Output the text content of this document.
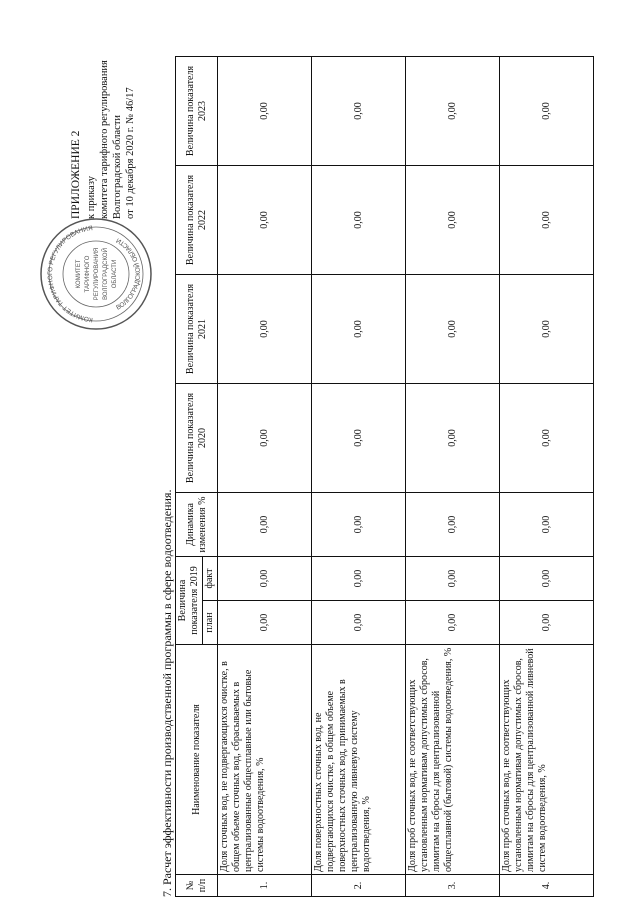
ПРИЛОЖЕНИЕ 2 к приказу комитета тарифного регулирования Волгоградской области от 10 декабря 2020 г. № 46/17
КОМИТЕТ ТАРИФНОГО РЕГУЛИРОВАНИЯ
ВОЛГОГРАДСКОЙ ОБЛАСТИ
КОМИТЕТ ТАРИФНОГО РЕГУЛИРОВАНИЯ ВОЛГОГРАДСКОЙ ОБЛАСТИ
7. Расчет эффективности производственной программы в сфере водоотведения. № п/п	Наименование показателя	Величина показателя 2019		Динамика изменения %	Величина показателя 2020	Величина показателя 2021	Величина показателя 2022	Величина показателя 2023
		план	факт					
1.	Доля сточных вод, не подвергающихся очистке, в общем объеме сточных вод, сбрасываемых в централизованные общесплавные или бытовые системы водоотведения, %	0,00	0,00	0,00	0,00	0,00	0,00	0,00
2.	Доля поверхностных сточных вод, не подвергающихся очистке, в общем объеме поверхностных сточных вод, принимаемых в централизованную ливневую систему водоотведения, %	0,00	0,00	0,00	0,00	0,00	0,00	0,00
3.	Доля проб сточных вод, не соответствующих установленным нормативам допустимых сбросов, лимитам на сбросы для централизованной общесплавной (бытовой) системы водоотведения, %	0,00	0,00	0,00	0,00	0,00	0,00	0,00
4.	Доля проб сточных вод, не соответствующих установленным нормативам допустимых сбросов, лимитам на сбросы для централизованной ливневой систем водоотведения, %	0,00	0,00	0,00	0,00	0,00	0,00	0,00
